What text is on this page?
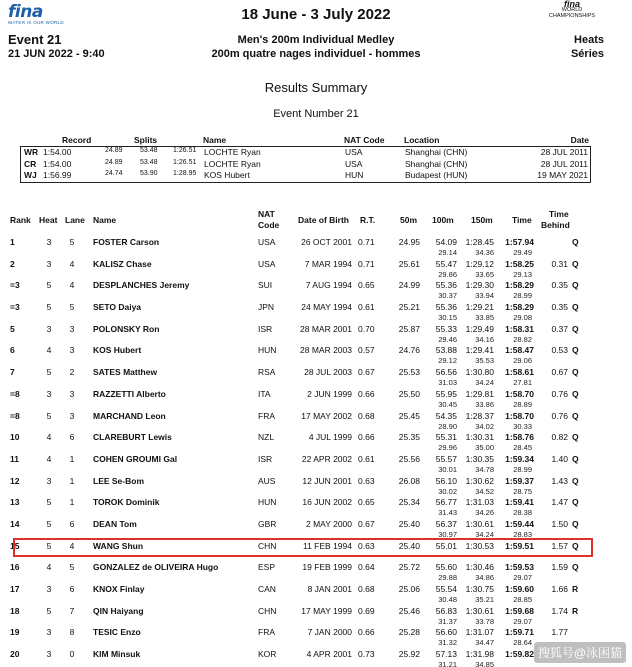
fina
WATER IS OUR WORLD	18 June - 3 July 2022
fina
WORLD
CHAMPIONSHIPS
Event 21
21 JUN 2022 - 9:40
Men's 200m Individual Medley
200m quatre nages individuel - hommes
Heats
Séries
Results Summary
Event Number 21
Record	Splits	Name	NAT Code Location	Date
WR 1:54.00	24.89 53.48 1:26.51 LOCHTE Ryan	USA	Shanghai (CHN)	28 JUL 2011
CR 1:54.00	24.89 53.48 1:26.51 LOCHTE Ryan	USA	Shanghai (CHN)	28 JUL 2011
WJ 1:56.99	24.74 53.90 1:28.95 KOS Hubert	HUN	Budapest (HUN)	19 MAY 2021
Rank Heat Lane Name
NAT
Code Date of Birth R.T.	50m 100m 150m Time
Time
Behind
1	3	5	FOSTER Carson	USA	26 OCT 2001 0.71	24.95	54.09	1:28.45	1:57.94	Q
29.14	34.36	29.49
2	3	4	KALISZ Chase	USA	7 MAR 1994 0.71	25.61	55.47	1:29.12	1:58.25	0.31 Q
29.86	33.65	29.13
=3	5	4	DESPLANCHES Jeremy	SUI	7 AUG 1994 0.65	24.99	55.36	1:29.30	1:58.29	0.35 Q
30.37	33.94	28.99
=3	5	5	SETO Daiya	JPN	24 MAY 1994 0.61	25.21	55.36	1:29.21	1:58.29	0.35 Q
30.15	33.85	29.08
5	3	3	POLONSKY Ron	ISR	28 MAR 2001 0.70	25.87	55.33	1:29.49	1:58.31	0.37 Q
29.46	34.16	28.82
6	4	3	KOS Hubert	HUN	28 MAR 2003 0.57	24.76	53.88	1:29.41	1:58.47	0.53 Q
29.12	35.53	29.06
7	5	2	SATES Matthew	RSA	28 JUL 2003 0.67	25.53	56.56	1:30.80	1:58.61	0.67 Q
31.03	34.24	27.81
=8	3	3	RAZZETTI Alberto	ITA	2 JUN 1999 0.66	25.50	55.95	1:29.81	1:58.70	0.76 Q
30.45	33.86	28.89
=8	5	3	MARCHAND Leon	FRA	17 MAY 2002 0.68	25.45	54.35	1:28.37	1:58.70	0.76 Q
28.90	34.02	30.33
10	4	6	CLAREBURT Lewis	NZL	4 JUL 1999 0.66	25.35	55.31	1:30.31	1:58.76	0.82 Q
29.96	35.00	28.45
11	4	1	COHEN GROUMI Gal	ISR	22 APR 2002 0.61	25.56	55.57	1:30.35	1:59.34	1.40 Q
30.01	34.78	28.99
12	3	1	LEE Se-Bom	AUS	12 JUN 2001 0.63	26.08	56.10	1:30.62	1:59.37	1.43 Q
30.02	34.52	28.75
13	5	1	TOROK Dominik	HUN	16 JUN 2002 0.65	25.34	56.77	1:31.03	1:59.41	1.47 Q
31.43	34.26	28.38
14	5	6	DEAN Tom	GBR	2 MAY 2000 0.67	25.40	56.37	1:30.61	1:59.44	1.50 Q
30.97	34.24	28.83
15	5	4	WANG Shun	CHN	11 FEB 1994 0.63	25.40	55.01	1:30.53	1:59.51	1.57 Q
16	4	5	GONZALEZ de OLIVEIRA Hugo	ESP	19 FEB 1999 0.64	25.72	55.60	1:30.46	1:59.53	1.59 Q
29.88	34.86	29.07
17	3	6	KNOX Finlay	CAN	8 JAN 2001 0.68	25.06	55.54	1:30.75	1:59.60	1.66 R
30.48	35.21	28.85
18	5	7	QIN Haiyang	CHN	17 MAY 1999 0.69	25.46	56.83	1:30.61	1:59.68	1.74 R
31.37	33.78	29.07
19	3	8	TESIC Enzo	FRA	7 JAN 2000 0.66	25.28	56.60	1:31.07	1:59.71	1.77
31.32	34.47	28.64
20	3	0	KIM Minsuk	KOR	4 APR 2001 0.73	25.92	57.13	1:31.98	1:59.82
31.21	34.85
搜狐号@泳困猫
